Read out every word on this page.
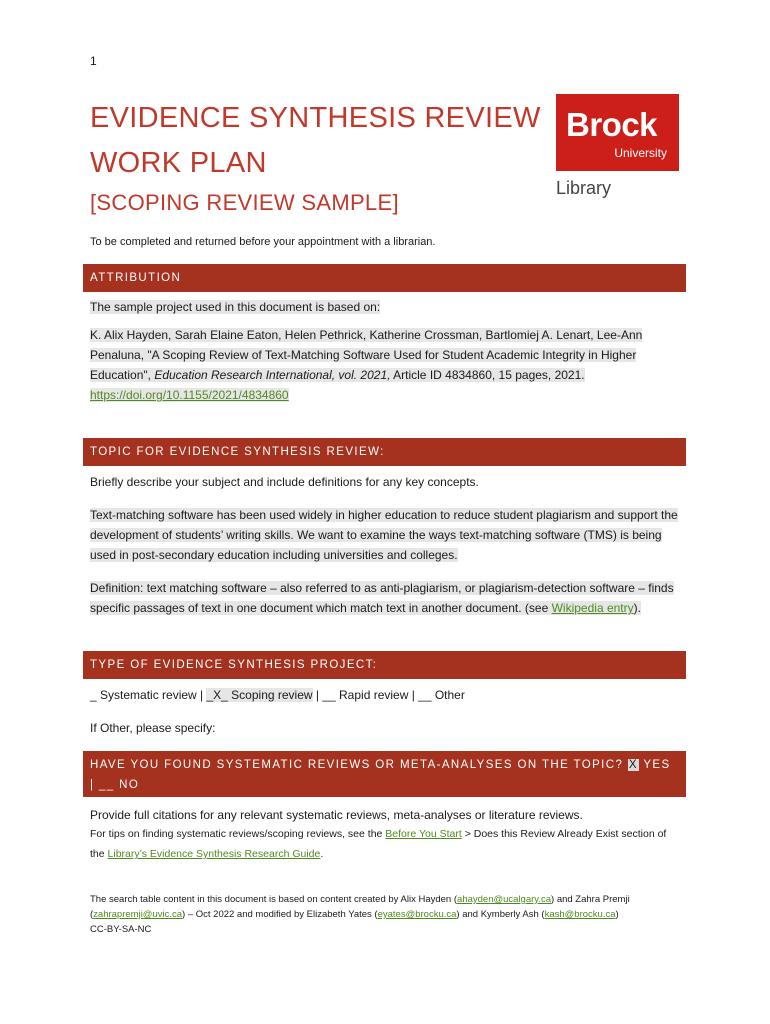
1
EVIDENCE SYNTHESIS REVIEW
WORK PLAN
[SCOPING REVIEW SAMPLE]
Brock
University
Library
To be completed and returned before your appointment with a librarian.
ATTRIBUTION
The sample project used in this document is based on:
K. Alix Hayden, Sarah Elaine Eaton, Helen Pethrick, Katherine Crossman, Bartlomiej A. Lenart, Lee-Ann Penaluna, "A Scoping Review of Text-Matching Software Used for Student Academic Integrity in Higher Education", Education Research International, vol. 2021, Article ID 4834860, 15 pages, 2021. https://doi.org/10.1155/2021/4834860
TOPIC FOR EVIDENCE SYNTHESIS REVIEW:
Briefly describe your subject and include definitions for any key concepts.
Text-matching software has been used widely in higher education to reduce student plagiarism and support the development of students’ writing skills. We want to examine the ways text-matching software (TMS) is being used in post-secondary education including universities and colleges.
Definition: text matching software – also referred to as anti-plagiarism, or plagiarism-detection software – finds specific passages of text in one document which match text in another document. (see Wikipedia entry).
TYPE OF EVIDENCE SYNTHESIS PROJECT:
_ Systematic review | _X_ Scoping review | __ Rapid review | __ Other
If Other, please specify:
HAVE YOU FOUND SYSTEMATIC REVIEWS OR META-ANALYSES ON THE TOPIC? X YES | __ NO
Provide full citations for any relevant systematic reviews, meta-analyses or literature reviews.
For tips on finding systematic reviews/scoping reviews, see the Before You Start > Does this Review Already Exist section of the Library’s Evidence Synthesis Research Guide.
The search table content in this document is based on content created by Alix Hayden (ahayden@ucalgary.ca) and Zahra Premji (zahrapremji@uvic.ca) – Oct 2022 and modified by Elizabeth Yates (eyates@brocku.ca) and Kymberly Ash (kash@brocku.ca)
CC-BY-SA-NC
